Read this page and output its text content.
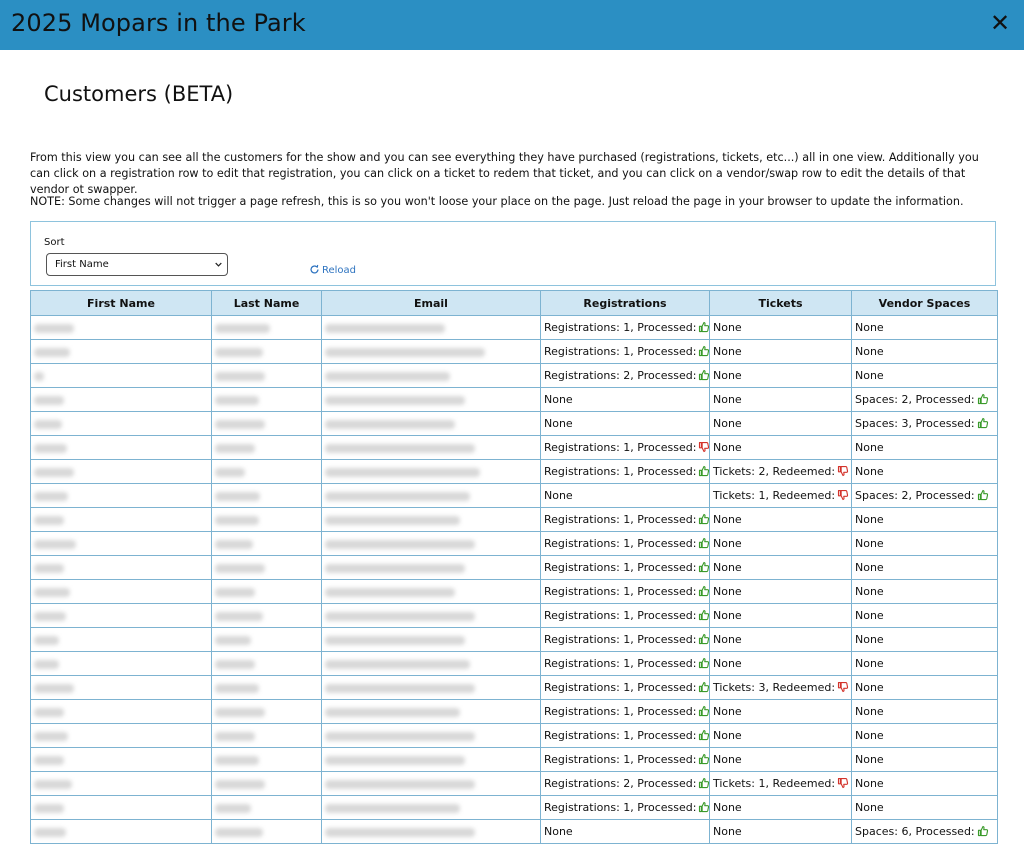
2025 Mopars in the Park	✕
Customers (BETA)
From this view you can see all the customers for the show and you can see everything they have purchased (registrations, tickets, etc...) all in one view. Additionally you can click on a registration row to edit that registration, you can click on a ticket to redem that ticket, and you can click on a vendor/swap row to edit the details of that vendor ot swapper.
NOTE: Some changes will not trigger a page refresh, this is so you won't loose your place on the page. Just reload the page in your browser to update the information.
Sort
First Name
Reload
First Name	Last Name	Email	Registrations	Tickets	Vendor Spaces
			Registrations: 1, Processed:	None	None
			Registrations: 1, Processed:	None	None
			Registrations: 2, Processed:	None	None
			None	None	Spaces: 2, Processed:
			None	None	Spaces: 3, Processed:
			Registrations: 1, Processed:	None	None
			Registrations: 1, Processed:	Tickets: 2, Redeemed:	None
			None	Tickets: 1, Redeemed:	Spaces: 2, Processed:
			Registrations: 1, Processed:	None	None
			Registrations: 1, Processed:	None	None
			Registrations: 1, Processed:	None	None
			Registrations: 1, Processed:	None	None
			Registrations: 1, Processed:	None	None
			Registrations: 1, Processed:	None	None
			Registrations: 1, Processed:	None	None
			Registrations: 1, Processed:	Tickets: 3, Redeemed:	None
			Registrations: 1, Processed:	None	None
			Registrations: 1, Processed:	None	None
			Registrations: 1, Processed:	None	None
			Registrations: 2, Processed:	Tickets: 1, Redeemed:	None
			Registrations: 1, Processed:	None	None
			None	None	Spaces: 6, Processed:
